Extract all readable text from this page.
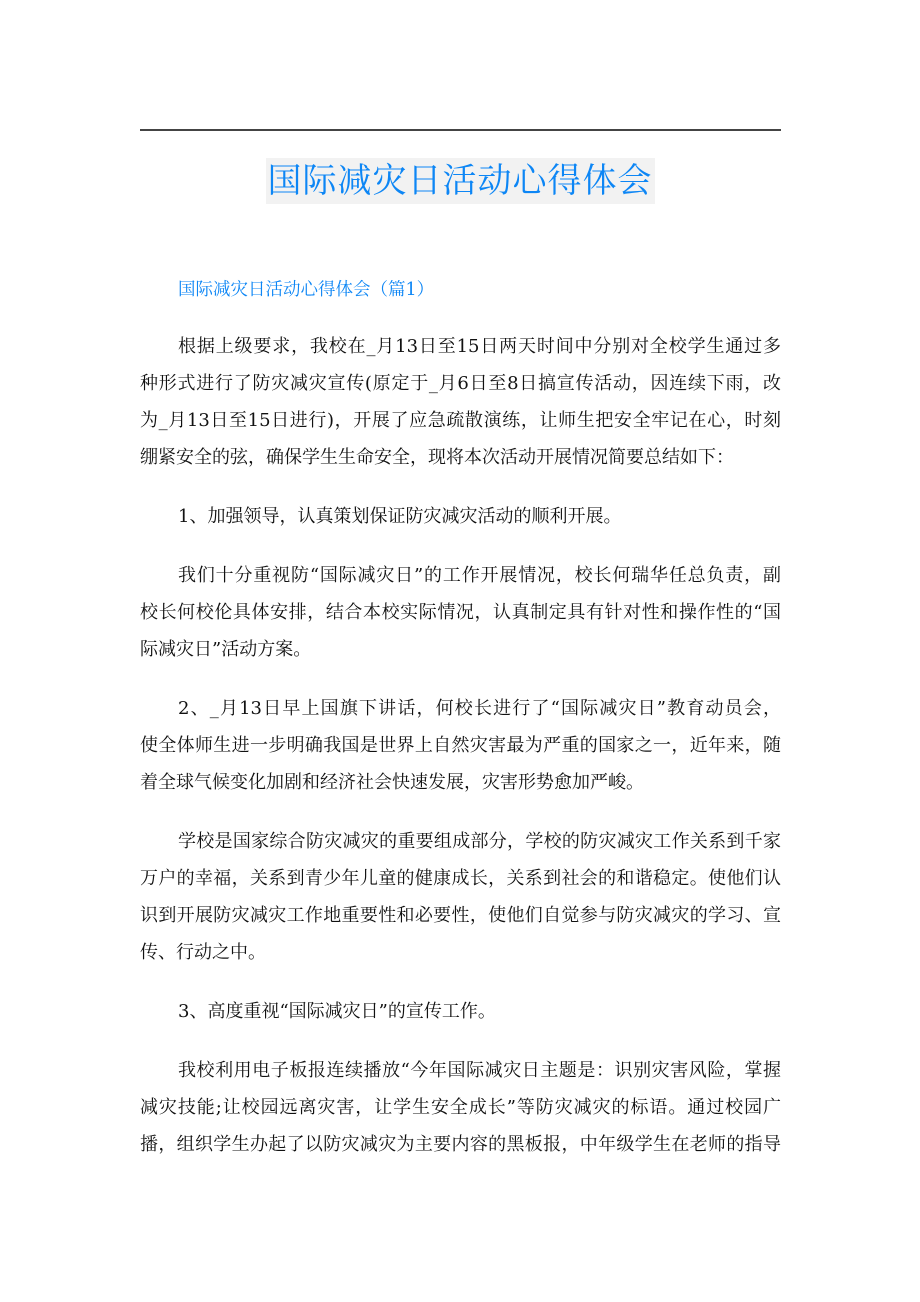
国际减灾日活动心得体会
国际减灾日活动心得体会（篇1）
根据上级要求，我校在_月13日至15日两天时间中分别对全校学生通过多
种形式进行了防灾减灾宣传(原定于_月6日至8日搞宣传活动，因连续下雨，改
为_月13日至15日进行)，开展了应急疏散演练，让师生把安全牢记在心，时刻
绷紧安全的弦，确保学生生命安全，现将本次活动开展情况简要总结如下：
1、加强领导，认真策划保证防灾减灾活动的顺利开展。
我们十分重视防“国际减灾日”的工作开展情况，校长何瑞华任总负责，副
校长何校伦具体安排，结合本校实际情况，认真制定具有针对性和操作性的“国
际减灾日”活动方案。
2、_月13日早上国旗下讲话，何校长进行了“国际减灾日”教育动员会，
使全体师生进一步明确我国是世界上自然灾害最为严重的国家之一，近年来，随
着全球气候变化加剧和经济社会快速发展，灾害形势愈加严峻。
学校是国家综合防灾减灾的重要组成部分，学校的防灾减灾工作关系到千家
万户的幸福，关系到青少年儿童的健康成长，关系到社会的和谐稳定。使他们认
识到开展防灾减灾工作地重要性和必要性，使他们自觉参与防灾减灾的学习、宣
传、行动之中。
3、高度重视“国际减灾日”的宣传工作。
我校利用电子板报连续播放“今年国际减灾日主题是：识别灾害风险，掌握
减灾技能;让校园远离灾害，让学生安全成长”等防灾减灾的标语。通过校园广
播，组织学生办起了以防灾减灾为主要内容的黑板报，中年级学生在老师的指导
